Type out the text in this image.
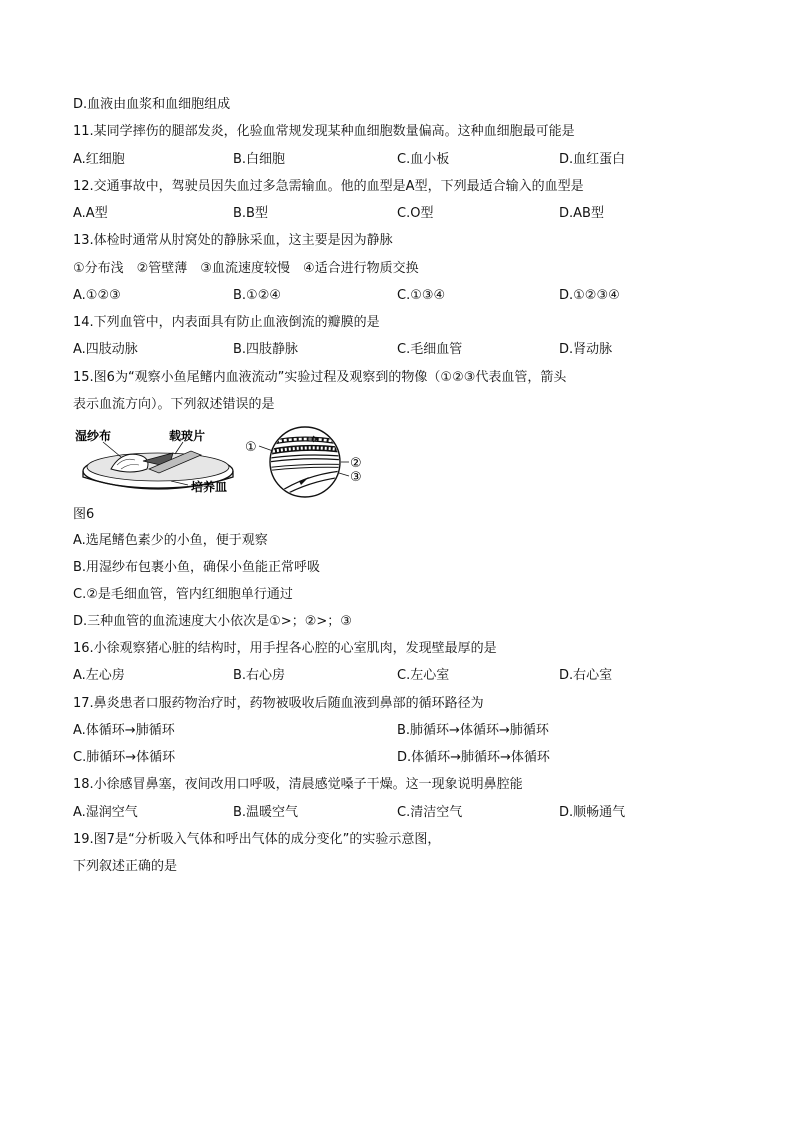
D.血液由血浆和血细胞组成
11.某同学摔伤的腿部发炎，化验血常规发现某种血细胞数量偏高。这种血细胞最可能是
A.红细胞	B.白细胞	C.血小板	D.血红蛋白
12.交通事故中，驾驶员因失血过多急需输血。他的血型是A型，下列最适合输入的血型是
A.A型	B.B型	C.O型	D.AB型
13.体检时通常从肘窝处的静脉采血，这主要是因为静脉
①分布浅　②管壁薄　③血流速度较慢　④适合进行物质交换
A.①②③	B.①②④	C.①③④	D.①②③④
14.下列血管中，内表面具有防止血液倒流的瓣膜的是
A.四肢动脉	B.四肢静脉	C.毛细血管	D.肾动脉
15.图6为“观察小鱼尾鳍内血液流动”实验过程及观察到的物像（①②③代表血管，箭头
表示血流方向）。下列叙述错误的是
湿纱布	载玻片
培养皿
①
②
③
图6
A.选尾鳍色素少的小鱼，便于观察
B.用湿纱布包裹小鱼，确保小鱼能正常呼吸
C.②是毛细血管，管内红细胞单行通过
D.三种血管的血流速度大小依次是①>；②>；③
16.小徐观察猪心脏的结构时，用手捏各心腔的心室肌肉，发现壁最厚的是
A.左心房	B.右心房	C.左心室	D.右心室
17.鼻炎患者口服药物治疗时，药物被吸收后随血液到鼻部的循环路径为
A.体循环→肺循环	B.肺循环→体循环→肺循环
C.肺循环→体循环	D.体循环→肺循环→体循环
18.小徐感冒鼻塞，夜间改用口呼吸，清晨感觉嗓子干燥。这一现象说明鼻腔能
A.湿润空气	B.温暖空气	C.清洁空气	D.顺畅通气
19.图7是“分析吸入气体和呼出气体的成分变化”的实验示意图，
下列叙述正确的是
